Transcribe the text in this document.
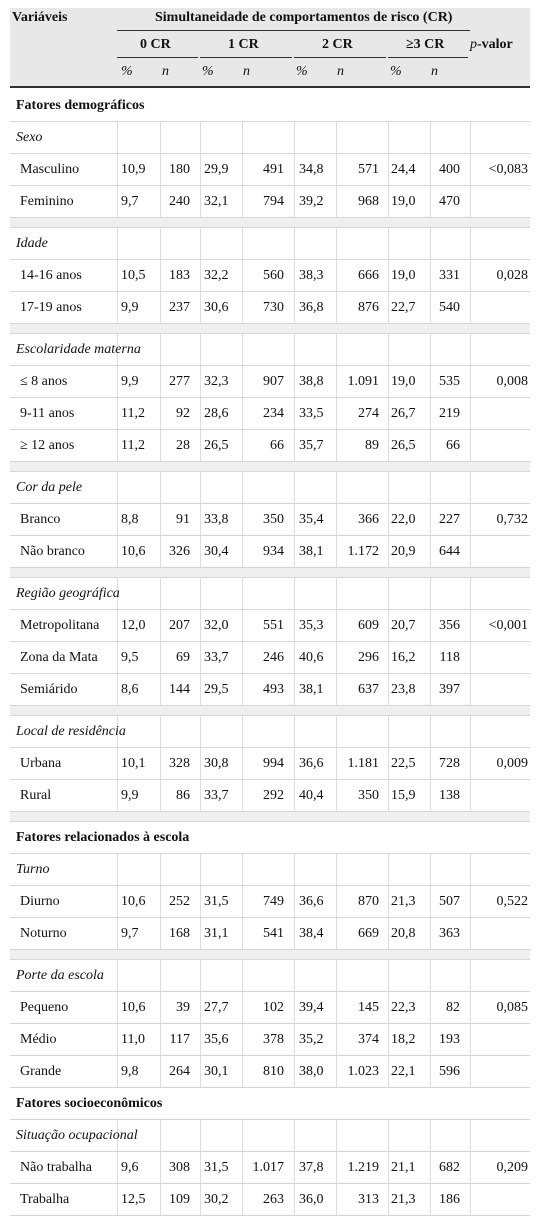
Variáveis	Simultaneidade de comportamentos de risco (CR)
0 CR	1 CR	2 CR	≥3 CR p-valor
% n % n	% n	% n
Fatores demográficos
Sexo
Masculino	10,9 180 29,9 491 34,8 571 24,4 400 <0,083
Feminino	9,7 240 32,1 794 39,2 968 19,0 470
Idade
14-16 anos	10,5 183 32,2 560 38,3 666 19,0 331	0,028
17-19 anos	9,9 237 30,6 730 36,8 876 22,7 540
Escolaridade materna
≤ 8 anos	9,9 277 32,3 907 38,8 1.091 19,0 535	0,008
9-11 anos	11,2 92 28,6 234 33,5 274 26,7 219
≥ 12 anos	11,2 28 26,5	66 35,7	89 26,5 66
Cor da pele
Branco	8,8	91 33,8 350 35,4 366 22,0 227	0,732
Não branco	10,6 326 30,4 934 38,1 1.172 20,9 644
Região geográfica
Metropolitana 12,0 207 32,0 551 35,3 609 20,7 356 <0,001
Zona da Mata 9,5	69 33,7 246 40,6 296 16,2 118
Semiárido	8,6 144 29,5 493 38,1 637 23,8 397
Local de residência
Urbana	10,1 328 30,8 994 36,6 1.181 22,5 728	0,009
Rural	9,9	86 33,7 292 40,4 350 15,9 138
Fatores relacionados à escola
Turno
Diurno	10,6 252 31,5 749 36,6 870 21,3 507	0,522
Noturno	9,7 168 31,1 541 38,4 669 20,8 363
Porte da escola
Pequeno	10,6 39 27,7 102 39,4 145 22,3 82	0,085
Médio	11,0 117 35,6 378 35,2 374 18,2 193
Grande	9,8 264 30,1 810 38,0 1.023 22,1 596
Fatores socioeconômicos
Situação ocupacional
Não trabalha 9,6 308 31,5 1.017 37,8 1.219 21,1 682	0,209
Trabalha	12,5 109 30,2 263 36,0 313 21,3 186
